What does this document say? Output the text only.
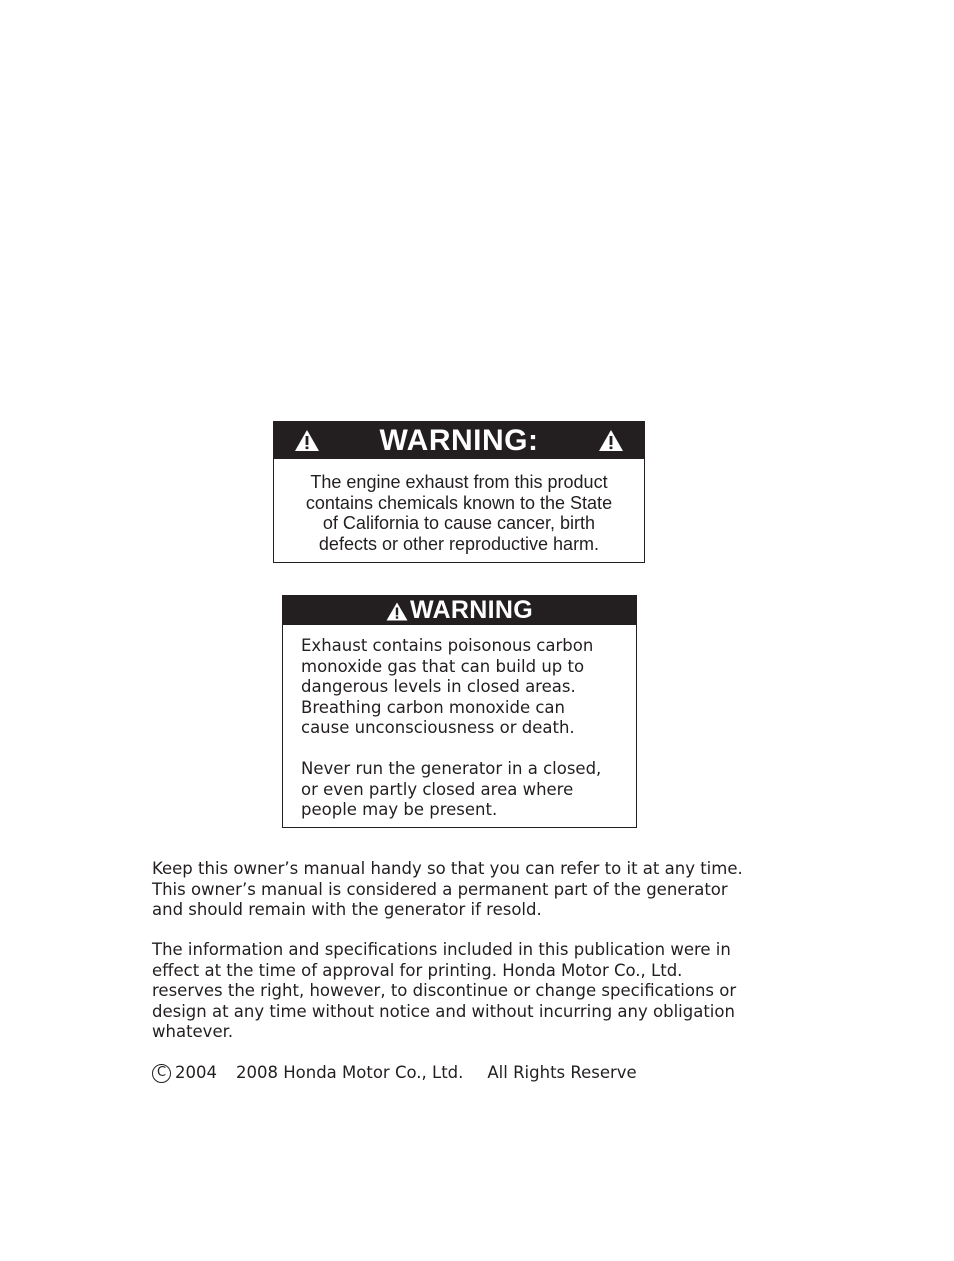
WARNING:
The engine exhaust from this product
contains chemicals known to the State
of California to cause cancer, birth
defects or other reproductive harm.
WARNING
Exhaust contains poisonous carbon
monoxide gas that can build up to
dangerous levels in closed areas.
Breathing carbon monoxide can
cause unconsciousness or death.
Never run the generator in a closed,
or even partly closed area where
people may be present.
Keep this owner’s manual handy so that you can refer to it at any time.
This owner’s manual is considered a permanent part of the generator
and should remain with the generator if resold.
The information and specifications included in this publication were in
effect at the time of approval for printing. Honda Motor Co., Ltd.
reserves the right, however, to discontinue or change specifications or
design at any time without notice and without incurring any obligation
whatever.
C 2004 2008 Honda Motor Co., Ltd. All Rights Reserve
